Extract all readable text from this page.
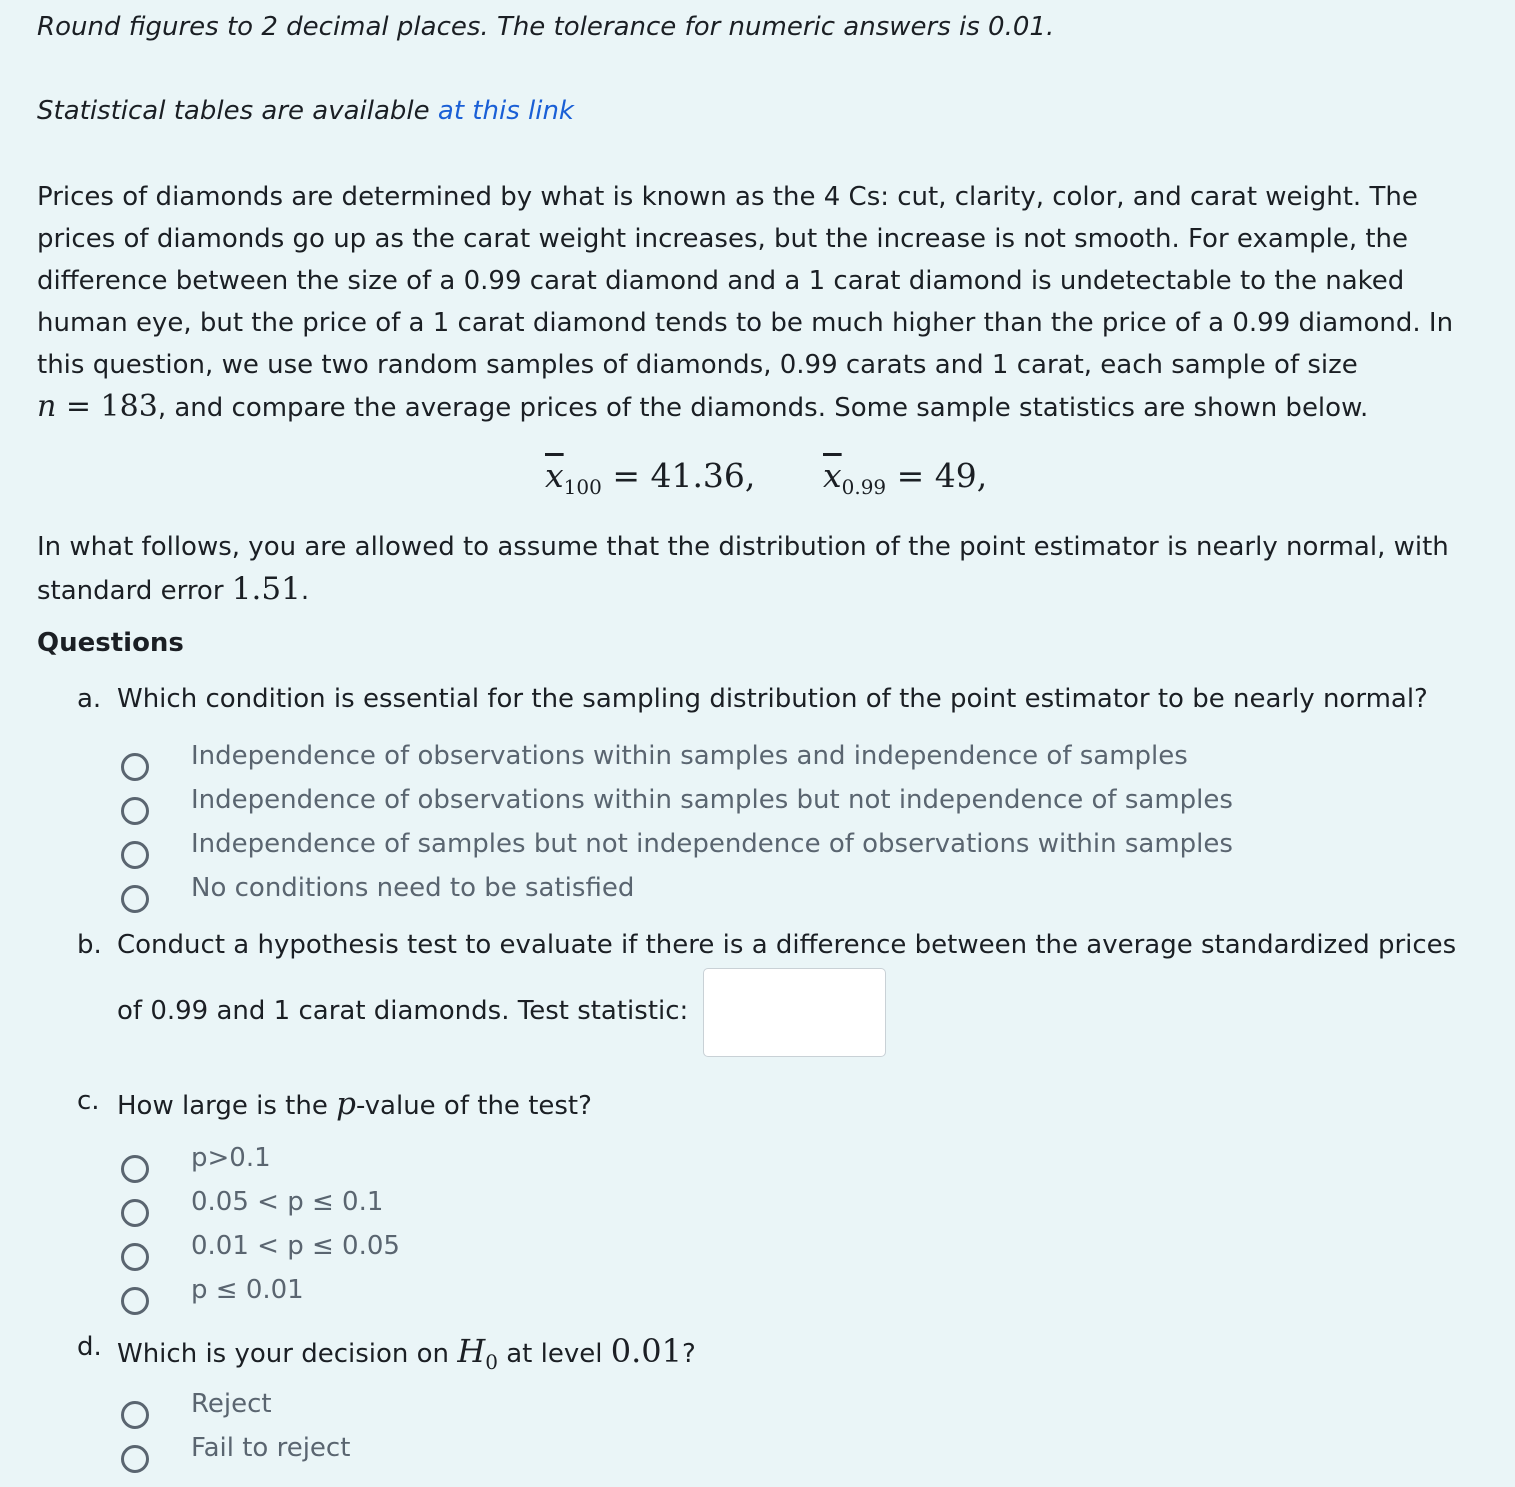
Round figures to 2 decimal places. The tolerance for numeric answers is 0.01.
Statistical tables are available at this link
Prices of diamonds are determined by what is known as the 4 Cs: cut, clarity, color, and carat weight. The
prices of diamonds go up as the carat weight increases, but the increase is not smooth. For example, the
difference between the size of a 0.99 carat diamond and a 1 carat diamond is undetectable to the naked
human eye, but the price of a 1 carat diamond tends to be much higher than the price of a 0.99 diamond. In
this question, we use two random samples of diamonds, 0.99 carats and 1 carat, each sample of size
n = 183, and compare the average prices of the diamonds. Some sample statistics are shown below.
$\overline{x}_{100} = 41.36$, $\overline{x}_{0.99} = 49$,
In what follows, you are allowed to assume that the distribution of the point estimator is nearly normal, with
standard error 1.51.
Questions
a. Which condition is essential for the sampling distribution of the point estimator to be nearly normal?
Independence of observations within samples and independence of samples
Independence of observations within samples but not independence of samples
Independence of samples but not independence of observations within samples
No conditions need to be satisfied
b. Conduct a hypothesis test to evaluate if there is a difference between the average standardized prices
of 0.99 and 1 carat diamonds. Test statistic:
c. How large is the p-value of the test?
p>0.1
0.05 < p ≤ 0.1
0.01 < p ≤ 0.05
p ≤ 0.01
d. Which is your decision on $H_0$ at level 0.01?
Reject
Fail to reject
